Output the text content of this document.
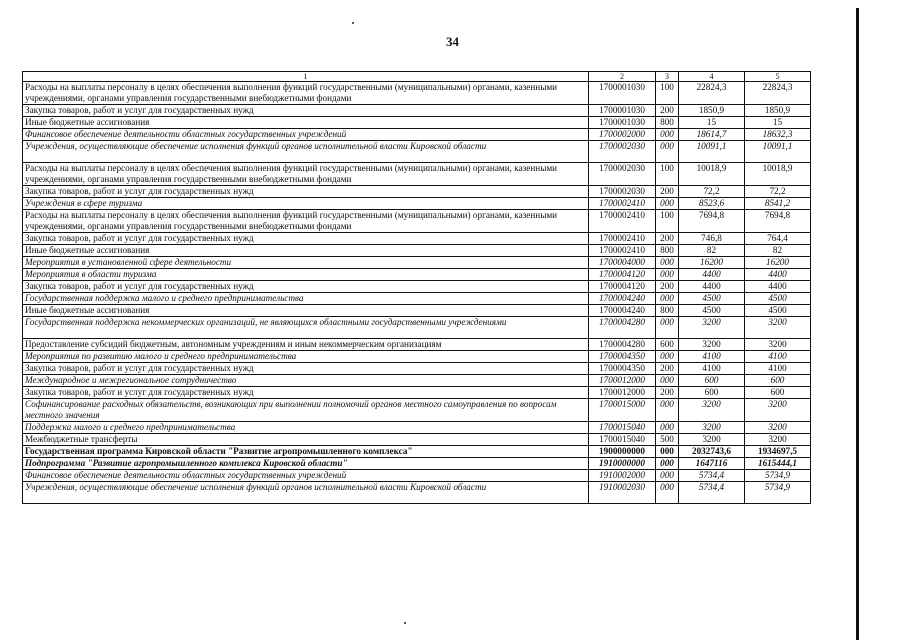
34
1	2	3	4	5
Расходы на выплаты персоналу в целях обеспечения выполнения функций государственными (муниципальными) органами, казенными учреждениями, органами управления государственными внебюджетными фондами	1700001030	100	22824,3	22824,3
Закупка товаров, работ и услуг для государственных нужд	1700001030	200	1850,9	1850,9
Иные бюджетные ассигнования	1700001030	800	15	15
Финансовое обеспечение деятельности областных государственных учреждений	1700002000	000	18614,7	18632,3
Учреждения, осуществляющие обеспечение исполнения функций органов исполнительной власти Кировской области	1700002030	000	10091,1	10091,1
Расходы на выплаты персоналу в целях обеспечения выполнения функций государственными (муниципальными) органами, казенными учреждениями, органами управления государственными внебюджетными фондами	1700002030	100	10018,9	10018,9
Закупка товаров, работ и услуг для государственных нужд	1700002030	200	72,2	72,2
Учреждения в сфере туризма	1700002410	000	8523,6	8541,2
Расходы на выплаты персоналу в целях обеспечения выполнения функций государственными (муниципальными) органами, казенными учреждениями, органами управления государственными внебюджетными фондами	1700002410	100	7694,8	7694,8
Закупка товаров, работ и услуг для государственных нужд	1700002410	200	746,8	764,4
Иные бюджетные ассигнования	1700002410	800	82	82
Мероприятия в установленной сфере деятельности	1700004000	000	16200	16200
Мероприятия в области туризма	1700004120	000	4400	4400
Закупка товаров, работ и услуг для государственных нужд	1700004120	200	4400	4400
Государственная поддержка малого и среднего предпринимательства	1700004240	000	4500	4500
Иные бюджетные ассигнования	1700004240	800	4500	4500
Государственная поддержка некоммерческих организаций, не являющихся областными государственными учреждениями	1700004280	000	3200	3200
Предоставление субсидий бюджетным, автономным учреждениям и иным некоммерческим организациям	1700004280	600	3200	3200
Мероприятия по развитию малого и среднего предпринимательства	1700004350	000	4100	4100
Закупка товаров, работ и услуг для государственных нужд	1700004350	200	4100	4100
Международное и межрегиональное сотрудничество	1700012000	000	600	600
Закупка товаров, работ и услуг для государственных нужд	1700012000	200	600	600
Софинансирование расходных обязательств, возникающих при выполнении полномочий органов местного самоуправления по вопросам местного значения	1700015000	000	3200	3200
Поддержка малого и среднего предпринимательства	1700015040	000	3200	3200
Межбюджетные трансферты	1700015040	500	3200	3200
Государственная программа Кировской области "Развитие агропромышленного комплекса"	1900000000	000	2032743,6	1934697,5
Подпрограмма "Развитие агропромышленного комплекса Кировской области"	1910000000	000	1647116	1615444,1
Финансовое обеспечение деятельности областных государственных учреждений	1910002000	000	5734,4	5734,9
Учреждения, осуществляющие обеспечение исполнения функций органов исполнительной власти Кировской области	1910002030	000	5734,4	5734,9
